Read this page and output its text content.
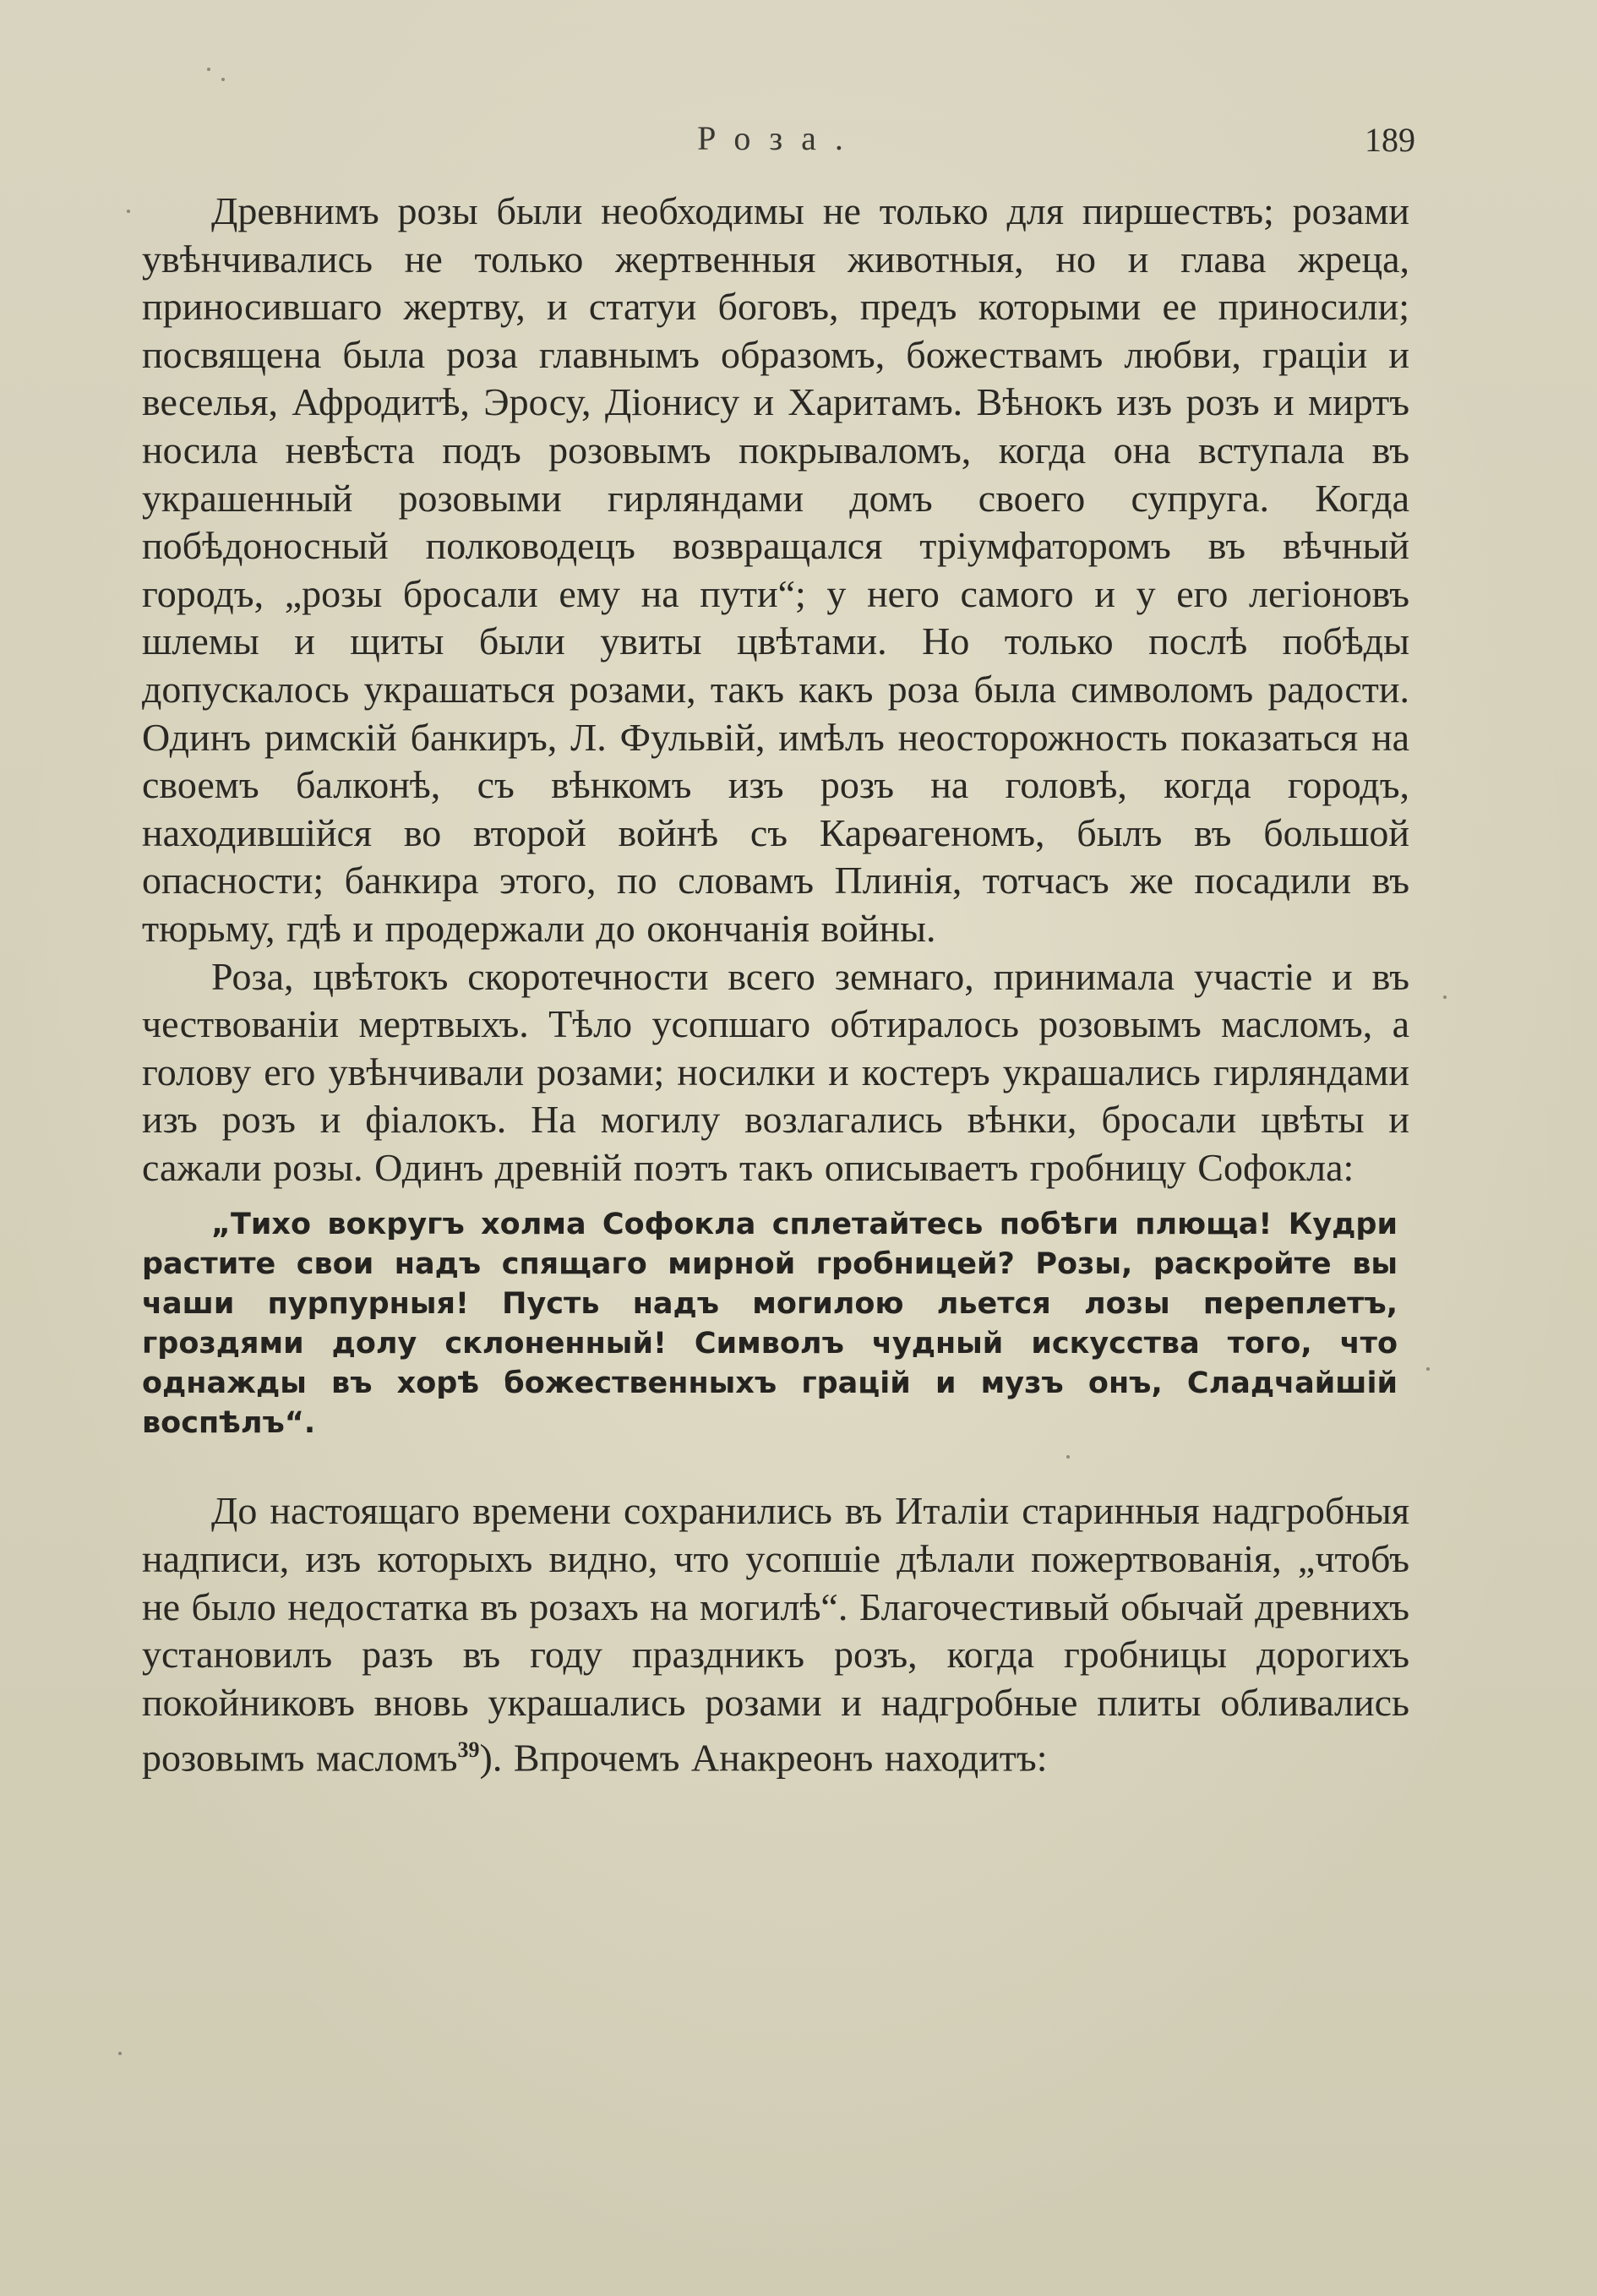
Роза.	189

Древнимъ розы были необходимы не только для пиршествъ; розами увѣнчивались не только жертвенныя животныя, но и глава жреца, приносившаго жертву, и статуи боговъ, предъ которыми ее приносили; посвящена была роза главнымъ образомъ, божествамъ любви, граціи и веселья, Афродитѣ, Эросу, Діонису и Харитамъ. Вѣнокъ изъ розъ и миртъ носила невѣста подъ розовымъ покрываломъ, когда она вступала въ украшенный розовыми гирляндами домъ своего супруга. Когда побѣдоносный полководецъ возвращался тріумфаторомъ въ вѣчный городъ, „розы бросали ему на пути“; у него самого и у его легіоновъ шлемы и щиты были увиты цвѣтами. Но только послѣ побѣды допускалось украшаться розами, такъ какъ роза была символомъ радости. Одинъ римскій банкиръ, Л. Фульвій, имѣлъ неосторожность показаться на своемъ балконѣ, съ вѣнкомъ изъ розъ на головѣ, когда городъ, находившійся во второй войнѣ съ Карѳагеномъ, былъ въ большой опасности; банкира этого, по словамъ Плинія, тотчасъ же посадили въ тюрьму, гдѣ и продержали до окончанія войны.

Роза, цвѣтокъ скоротечности всего земнаго, принимала участіе и въ чествованіи мертвыхъ. Тѣло усопшаго обтиралось розовымъ масломъ, а голову его увѣнчивали розами; носилки и костеръ украшались гирляндами изъ розъ и фіалокъ. На могилу возлагались вѣнки, бросали цвѣты и сажали розы. Одинъ древній поэтъ такъ описываетъ гробницу Софокла:

„Тихо вокругъ холма Софокла сплетайтесь побѣги плюща! Кудри растите свои надъ спящаго мирной гробницей? Розы, раскройте вы чаши пурпурныя! Пусть надъ могилою льется лозы переплетъ, гроздями долу склоненный! Символъ чудный искусства того, что однажды въ хорѣ божественныхъ грацій и музъ онъ, Сладчайшій воспѣлъ“.

До настоящаго времени сохранились въ Италіи старинныя надгробныя надписи, изъ которыхъ видно, что усопшіе дѣлали пожертвованія, „чтобъ не было недостатка въ розахъ на могилѣ“. Благочестивый обычай древнихъ установилъ разъ въ году праздникъ розъ, когда гробницы дорогихъ покойниковъ вновь украшались розами и надгробные плиты обливались розовымъ масломъ$^{39}$). Впрочемъ Анакреонъ находитъ:
